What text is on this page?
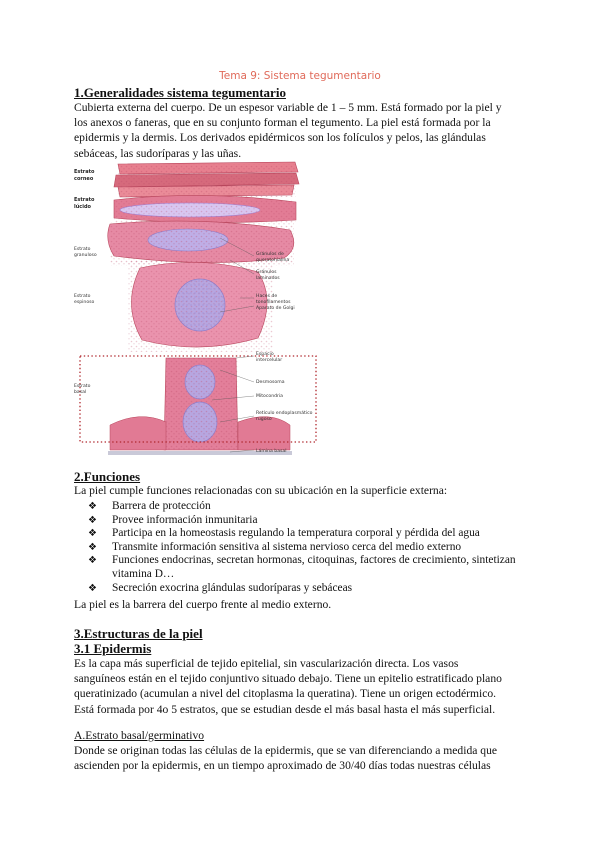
Tema 9: Sistema tegumentario
1.Generalidades sistema tegumentario
Cubierta externa del cuerpo. De un espesor variable de 1 – 5 mm. Está formado por la piel y
los anexos o faneras, que en su conjunto forman el tegumento. La piel está formada por la
epidermis y la dermis. Los derivados epidérmicos son los folículos y pelos, las glándulas
sebáceas, las sudoríparas y las uñas.
Estrato
corneo
Estrato
lúcido
Estrato
granuloso
Estrato
espinoso
Estrato
basal
Gránulos de
queratohialina
Gránulos
laminados
Haces de
tonofilamentos
Aparato de Golgi
Espacio
intercelular
Desmosoma
Mitocondria
Retículo endoplasmático
rugoso
Lámina basal
2.Funciones
La piel cumple funciones relacionadas con su ubicación en la superficie externa:
❖ Barrera de protección
❖ Provee información inmunitaria
❖ Participa en la homeostasis regulando la temperatura corporal y pérdida del agua
❖ Transmite información sensitiva al sistema nervioso cerca del medio externo
❖ Funciones endocrinas, secretan hormonas, citoquinas, factores de crecimiento, sintetizan vitamina D…
❖ Secreción exocrina glándulas sudoríparas y sebáceas
La piel es la barrera del cuerpo frente al medio externo.
3.Estructuras de la piel
3.1 Epidermis
Es la capa más superficial de tejido epitelial, sin vascularización directa. Los vasos
sanguíneos están en el tejido conjuntivo situado debajo. Tiene un epitelio estratificado plano
queratinizado (acumulan a nivel del citoplasma la queratina). Tiene un origen ectodérmico.
Está formada por 4o 5 estratos, que se estudian desde el más basal hasta el más superficial.
A.Estrato basal/germinativo
Donde se originan todas las células de la epidermis, que se van diferenciando a medida que
ascienden por la epidermis, en un tiempo aproximado de 30/40 días todas nuestras células
